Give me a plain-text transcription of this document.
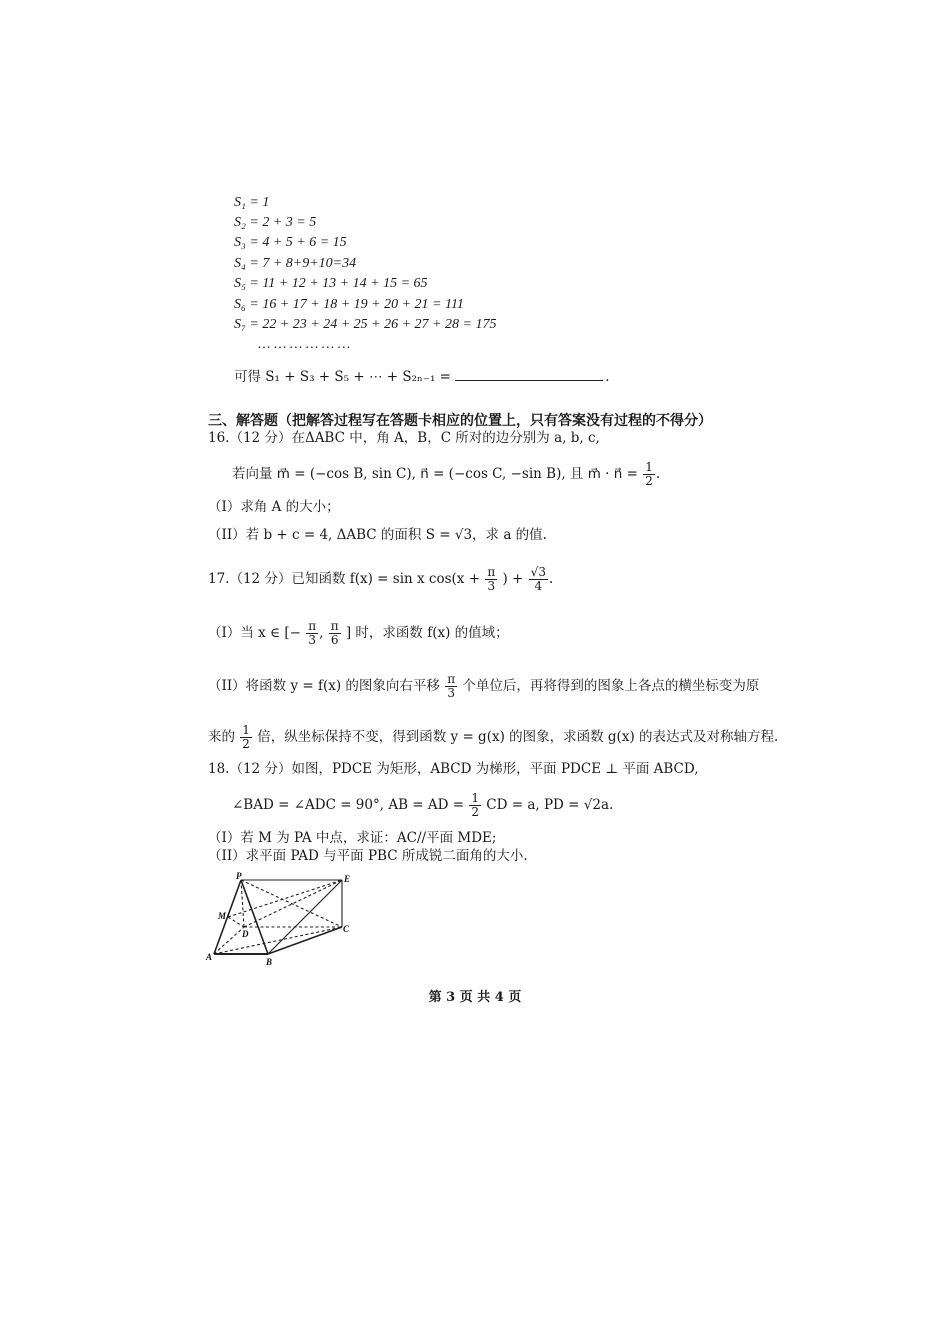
S₁ = 1
S₂ = 2 + 3 = 5
S₃ = 4 + 5 + 6 = 15
S₄ = 7 + 8+9+10=34
S₅ = 11 + 12 + 13 + 14 + 15 = 65
S₆ = 16 + 17 + 18 + 19 + 20 + 21 = 111
S₇ = 22 + 23 + 24 + 25 + 26 + 27 + 28 = 175
… … … … … …
可得 S₁ + S₃ + S₅ + ⋯ + S₂ₙ₋₁ =	.
三、解答题（把解答过程写在答题卡相应的位置上，只有答案没有过程的不得分）
16.（12 分）在ΔABC 中，角 A，B，C 所对的边分别为 a, b, c,
若向量 m⃗ = (−cos B, sin C), n⃗ = (−cos C, −sin B), 且 m⃗ · n⃗ = $\frac{1}{2}$ .
（I）求角 A 的大小；
（II）若 b + c = 4, ΔABC 的面积 S = √3，求 a 的值.
17.（12 分）已知函数 f(x) = sin x $\cos(x + \frac{\pi}{3}$ ) + $\frac{√3}{4}$ .
（I）当 x ∈ [− $\frac{\pi}{3}$ , $\frac{\pi}{6}$ ] 时，求函数 f(x) 的值域；
（II）将函数 y = f(x) 的图象向右平移 $\frac{\pi}{3}$ 个单位后，再将得到的图象上各点的横坐标变为原
来的 $\frac{1}{2}$ 倍，纵坐标保持不变，得到函数 y = g(x) 的图象，求函数 g(x) 的表达式及对称轴方程.
18.（12 分）如图，PDCE 为矩形，ABCD 为梯形，平面 PDCE ⊥ 平面 ABCD,
∠BAD = ∠ADC = 90°, AB = AD = $\frac{1}{2}$ CD = a, PD = √2a.
（I）若 M 为 PA 中点，求证：AC//平面 MDE;
（II）求平面 PAD 与平面 PBC 所成锐二面角的大小.
P	E
M
D	C
A	B
第 3 页 共 4 页
